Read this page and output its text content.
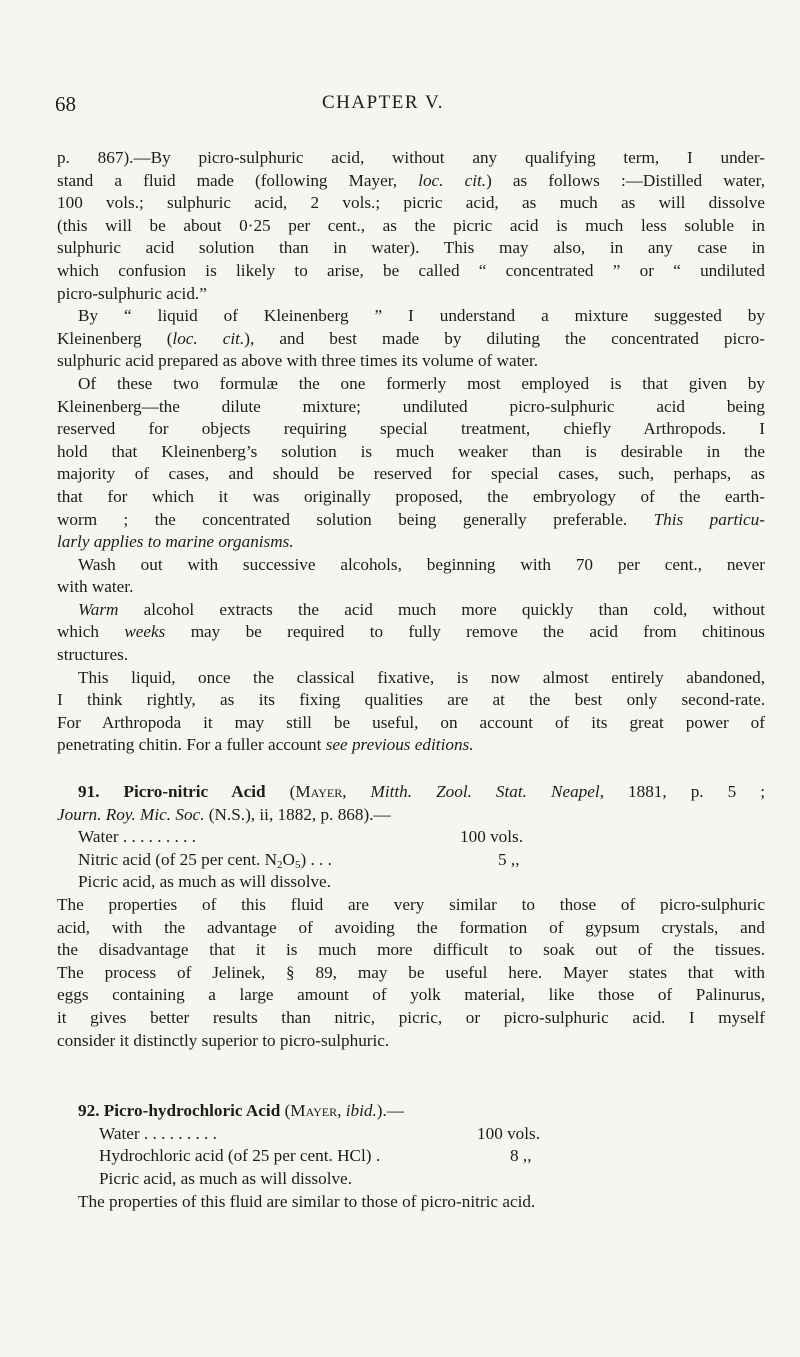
68	CHAPTER V.
p. 867).—By picro-sulphuric acid, without any qualifying term, I under-
stand a fluid made (following Mayer, loc. cit.) as follows :—Distilled water,
100 vols.; sulphuric acid, 2 vols.; picric acid, as much as will dissolve
(this will be about 0·25 per cent., as the picric acid is much less soluble in
sulphuric acid solution than in water). This may also, in any case in
which confusion is likely to arise, be called “ concentrated ” or “ undiluted
picro-sulphuric acid.”
By “ liquid of Kleinenberg ” I understand a mixture suggested by
Kleinenberg (loc. cit.), and best made by diluting the concentrated picro-
sulphuric acid prepared as above with three times its volume of water.
Of these two formulæ the one formerly most employed is that given by
Kleinenberg—the dilute mixture; undiluted picro-sulphuric acid being
reserved for objects requiring special treatment, chiefly Arthropods. I
hold that Kleinenberg’s solution is much weaker than is desirable in the
majority of cases, and should be reserved for special cases, such, perhaps, as
that for which it was originally proposed, the embryology of the earth-
worm ; the concentrated solution being generally preferable. This particu-
larly applies to marine organisms.
Wash out with successive alcohols, beginning with 70 per cent., never
with water.
Warm alcohol extracts the acid much more quickly than cold, without
which weeks may be required to fully remove the acid from chitinous
structures.
This liquid, once the classical fixative, is now almost entirely abandoned,
I think rightly, as its fixing qualities are at the best only second-rate.
For Arthropoda it may still be useful, on account of its great power of
penetrating chitin. For a fuller account see previous editions.
91. Picro-nitric Acid (Mayer, Mitth. Zool. Stat. Neapel, 1881, p. 5 ;
Journ. Roy. Mic. Soc. (N.S.), ii, 1882, p. 868).—
Water . . . . . . . . .	100 vols.
Nitric acid (of 25 per cent. $N_2O_5$) . . .	5 ,,
Picric acid, as much as will dissolve.
The properties of this fluid are very similar to those of picro-sulphuric
acid, with the advantage of avoiding the formation of gypsum crystals, and
the disadvantage that it is much more difficult to soak out of the tissues.
The process of Jelinek, § 89, may be useful here. Mayer states that with
eggs containing a large amount of yolk material, like those of Palinurus,
it gives better results than nitric, picric, or picro-sulphuric acid. I myself
consider it distinctly superior to picro-sulphuric.
92. Picro-hydrochloric Acid (Mayer, ibid.).—
Water . . . . . . . . .	100 vols.
Hydrochloric acid (of 25 per cent. HCl) .	8 ,,
Picric acid, as much as will dissolve.
The properties of this fluid are similar to those of picro-nitric acid.
